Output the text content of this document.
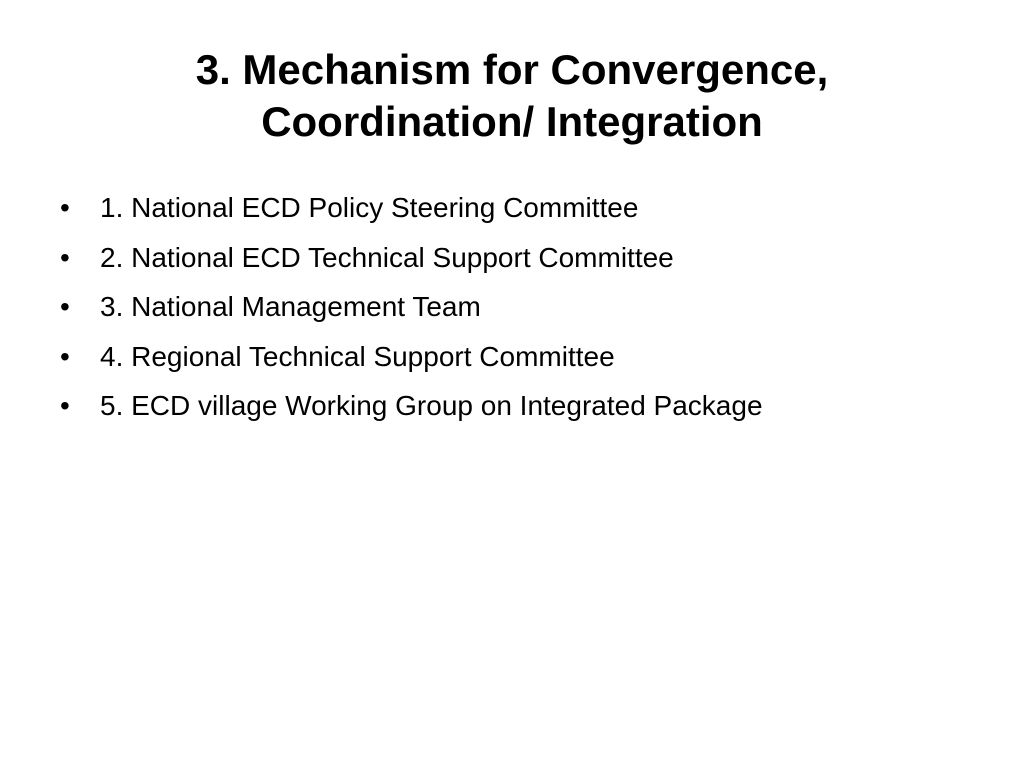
3. Mechanism for Convergence,
Coordination/ Integration
•	1. National ECD Policy Steering Committee
•	2. National ECD Technical Support Committee
•	3. National Management Team
•	4. Regional Technical Support Committee
•	5. ECD village Working Group on Integrated Package
